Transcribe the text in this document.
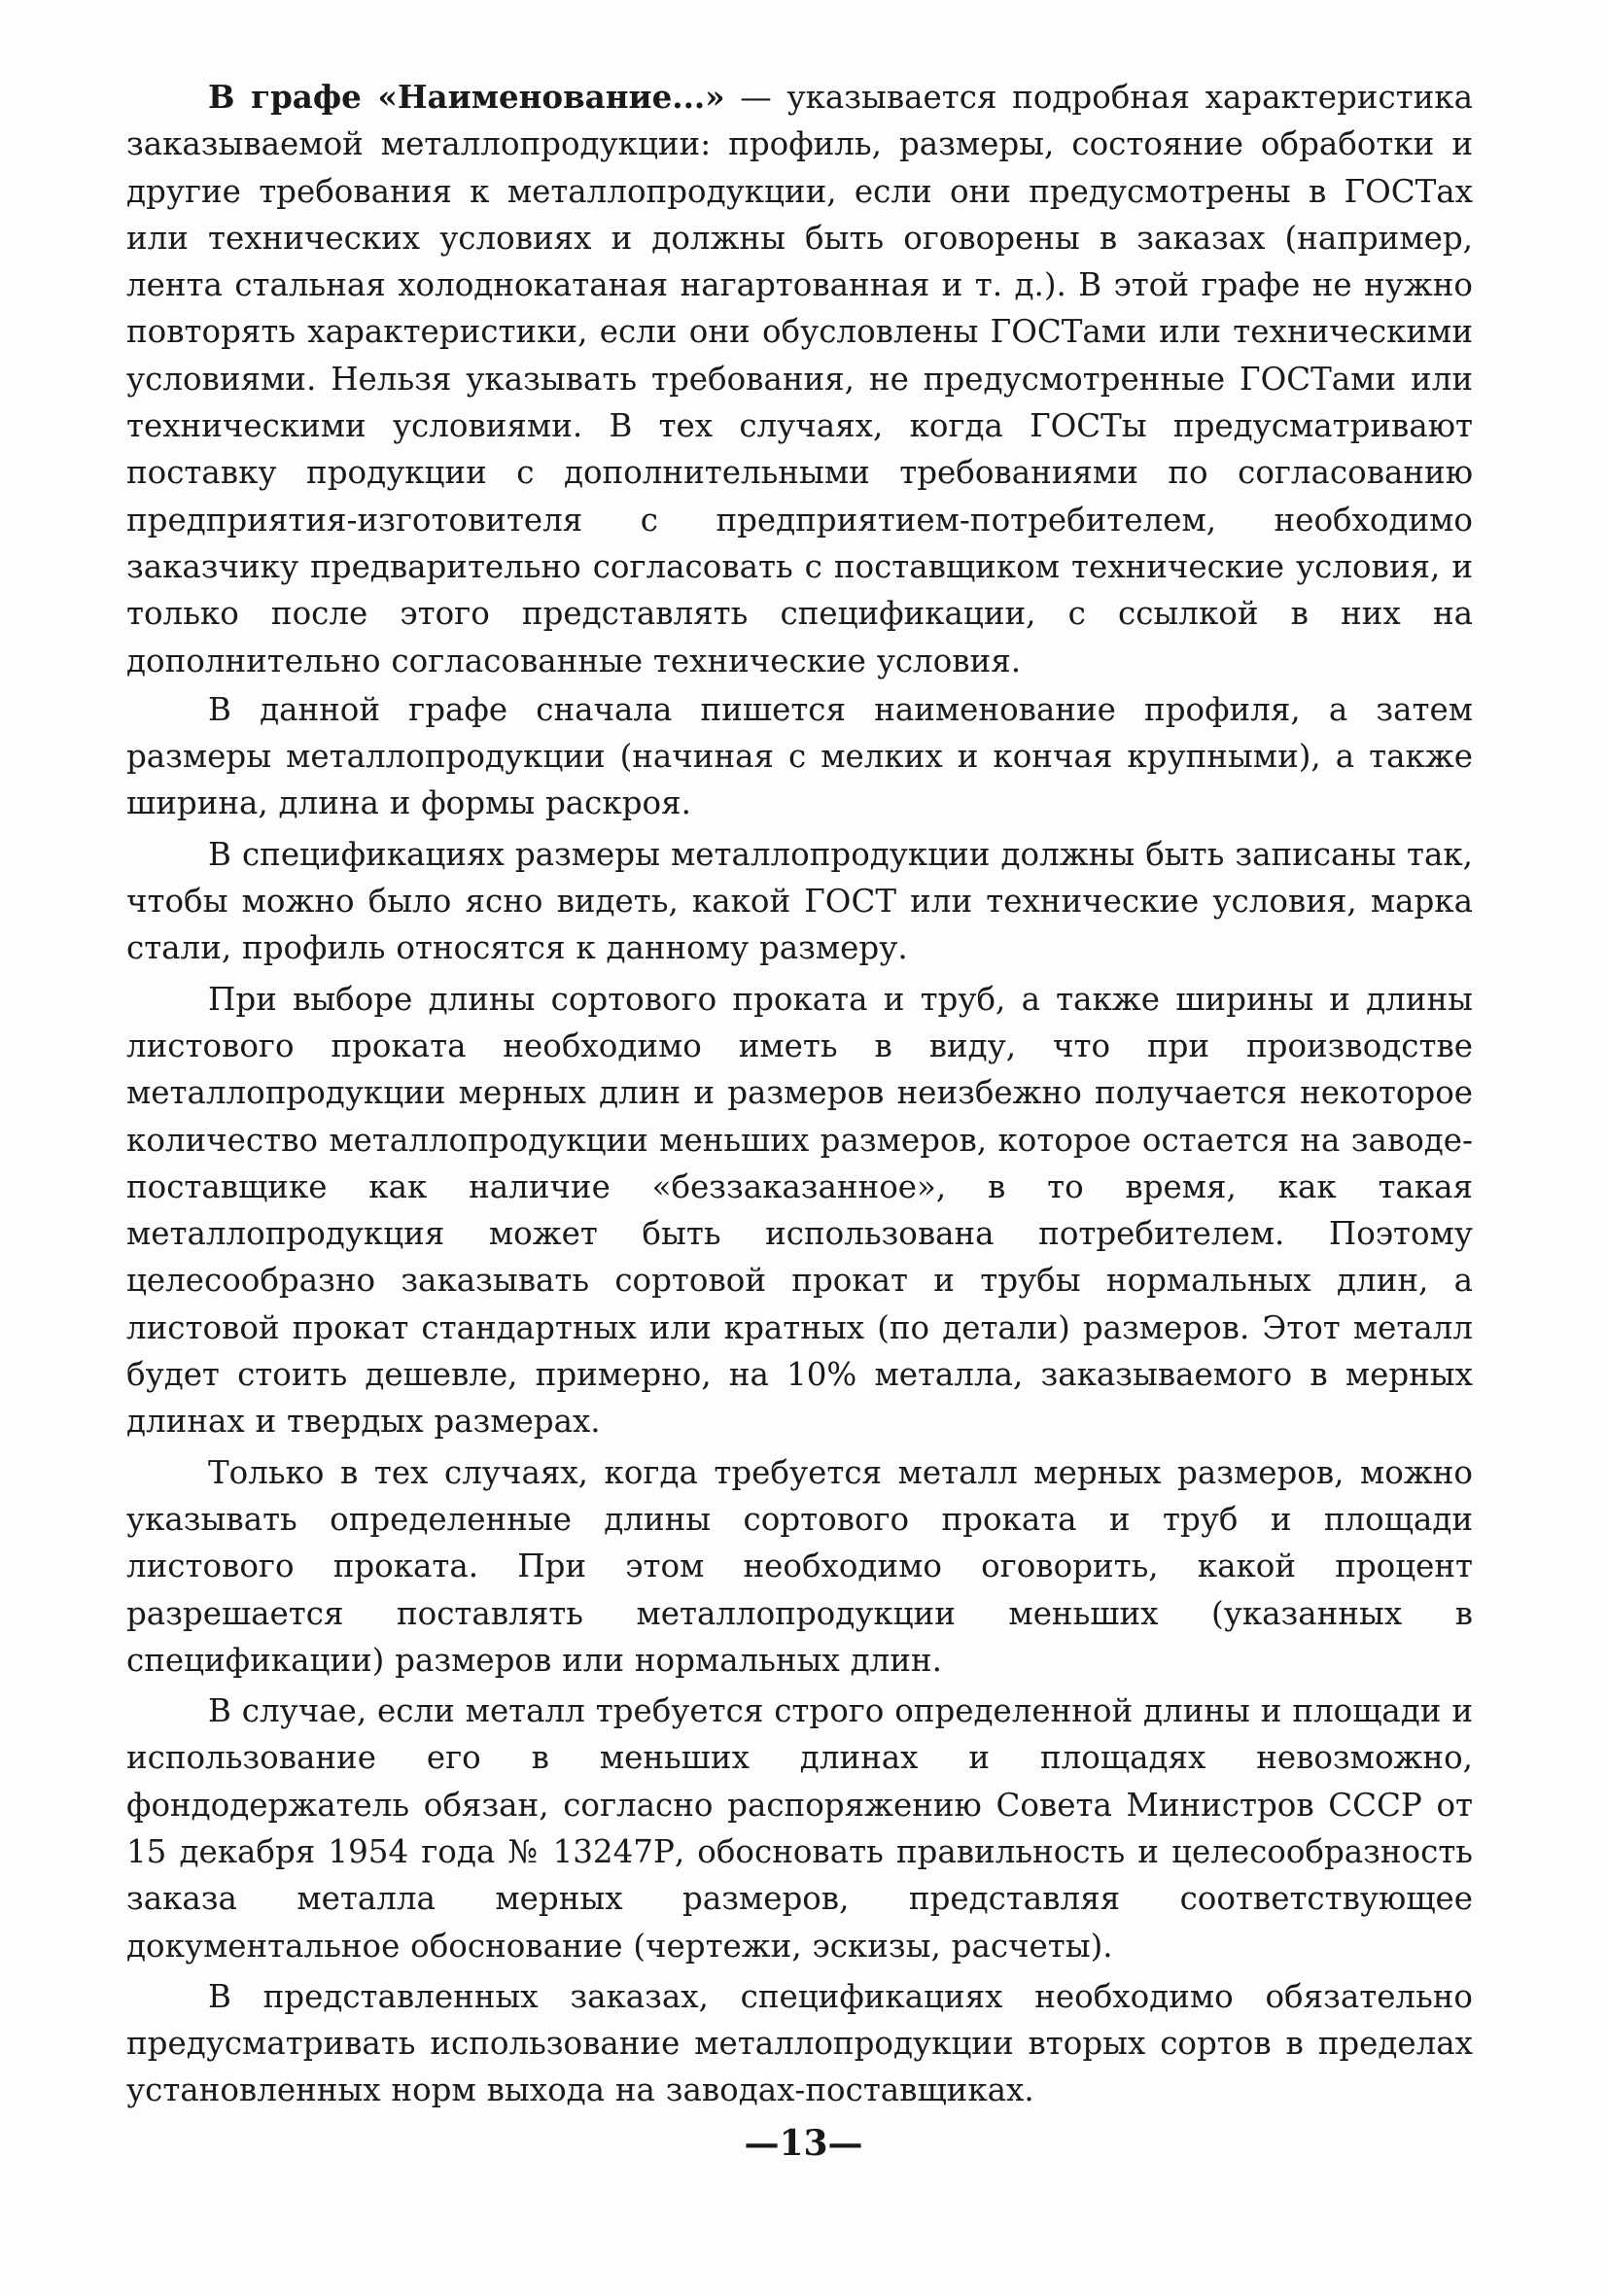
В графе «Наименование...» — указывается подробная характеристика заказываемой металлопродукции: профиль, размеры, состояние обработки и другие требования к металлопродукции, если они предусмотрены в ГОСТах или технических условиях и должны быть оговорены в заказах (например, лента стальная холоднокатаная нагартованная и т. д.). В этой графе не нужно повторять характеристики, если они обусловлены ГОСТами или техническими условиями. Нельзя указывать требования, не предусмотренные ГОСТами или техническими условиями. В тех случаях, когда ГОСТы предусматривают поставку продукции с дополнительными требованиями по согласованию предприятия-изготовителя с предприятием-потребителем, необходимо заказчику предварительно согласовать с поставщиком технические условия, и только после этого представлять спецификации, с ссылкой в них на дополнительно согласованные технические условия.

В данной графе сначала пишется наименование профиля, а затем размеры металлопродукции (начиная с мелких и кончая крупными), а также ширина, длина и формы раскроя.

В спецификациях размеры металлопродукции должны быть записаны так, чтобы можно было ясно видеть, какой ГОСТ или технические условия, марка стали, профиль относятся к данному размеру.

При выборе длины сортового проката и труб, а также ширины и длины листового проката необходимо иметь в виду, что при производстве металлопродукции мерных длин и размеров неизбежно получается некоторое количество металлопродукции меньших размеров, которое остается на заводе-поставщике как наличие «беззаказанное», в то время, как такая металлопродукция может быть использована потребителем. Поэтому целесообразно заказывать сортовой прокат и трубы нормальных длин, а листовой прокат стандартных или кратных (по детали) размеров. Этот металл будет стоить дешевле, примерно, на 10% металла, заказываемого в мерных длинах и твердых размерах.

Только в тех случаях, когда требуется металл мерных размеров, можно указывать определенные длины сортового проката и труб и площади листового проката. При этом необходимо оговорить, какой процент разрешается поставлять металлопродукции меньших (указанных в спецификации) размеров или нормальных длин.

В случае, если металл требуется строго определенной длины и площади и использование его в меньших длинах и площадях невозможно, фондодержатель обязан, согласно распоряжению Совета Министров СССР от 15 декабря 1954 года № 13247Р, обосновать правильность и целесообразность заказа металла мерных размеров, представляя соответствующее документальное обоснование (чертежи, эскизы, расчеты).

В представленных заказах, спецификациях необходимо обязательно предусматривать использование металлопродукции вторых сортов в пределах установленных норм выхода на заводах-поставщиках.

—13—
